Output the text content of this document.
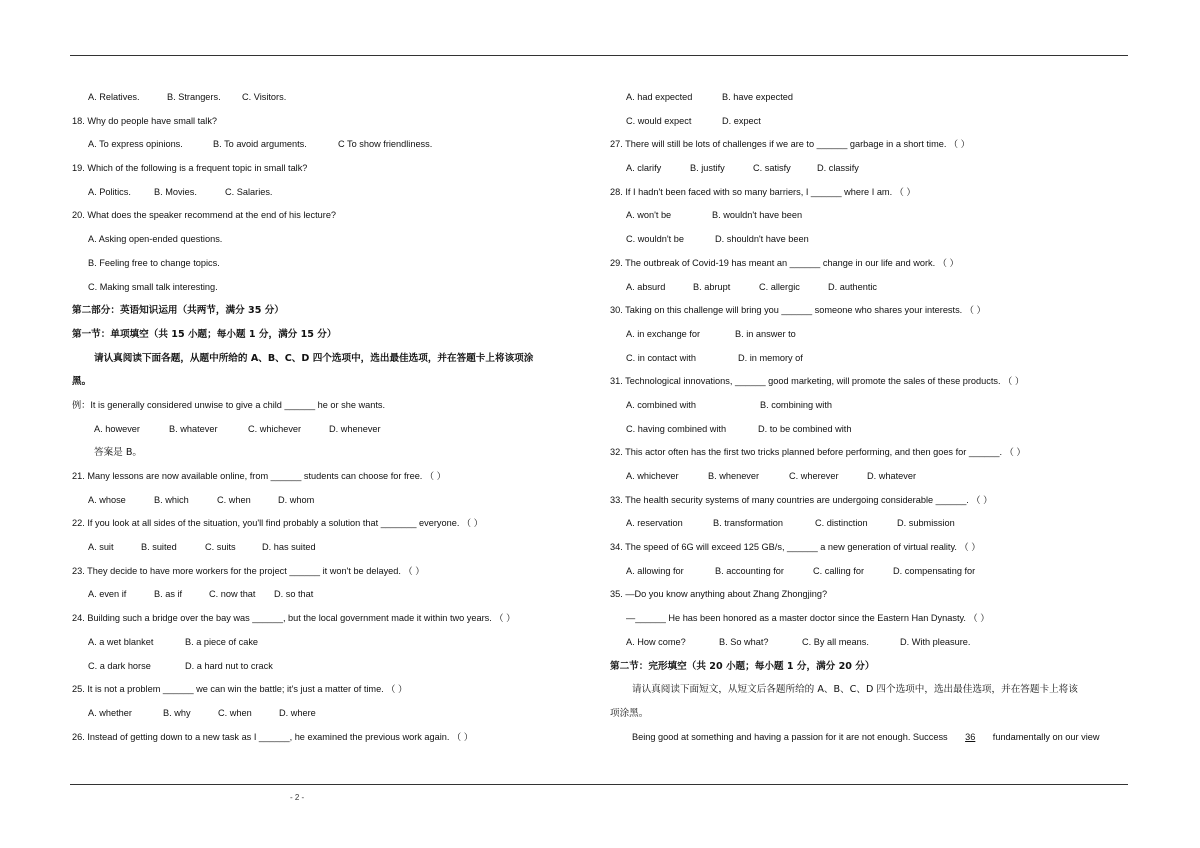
A. Relatives.	B. Strangers. C. Visitors.
18. Why do people have small talk?
A. To express opinions.	B. To avoid arguments.	C To show friendliness.
19. Which of the following is a frequent topic in small talk?
A. Politics.	B. Movies.	C. Salaries.
20. What does the speaker recommend at the end of his lecture?
A. Asking open-ended questions.
B. Feeling free to change topics.
C. Making small talk interesting.
第二部分：英语知识运用（共两节，满分 35 分）
第一节：单项填空（共 15 小题；每小题 1 分，满分 15 分）
请认真阅读下面各题，从题中所给的 A、B、C、D 四个选项中，选出最佳选项，并在答题卡上将该项涂
黑。
例：It is generally considered unwise to give a child ______ he or she wants.
A. however	B. whatever	C. whichever	D. whenever
答案是 B。
21. Many lessons are now available online, from ______ students can choose for free. （ ）
A. whose	B. which	C. when	D. whom
22. If you look at all sides of the situation, you'll find probably a solution that _______ everyone. （ ）
A. suit	B. suited	C. suits	D. has suited
23. They decide to have more workers for the project ______ it won't be delayed. （ ）
A. even if	B. as if	C. now that D. so that
24. Building such a bridge over the bay was ______, but the local government made it within two years. （ ）
A. a wet blanket	B. a piece of cake
C. a dark horse	D. a hard nut to crack
25. It is not a problem ______ we can win the battle; it's just a matter of time. （ ）
A. whether	B. why	C. when	D. where
26. Instead of getting down to a new task as I ______, he examined the previous work again. （ ）
A. had expected	B. have expected
C. would expect	D. expect
27. There will still be lots of challenges if we are to ______ garbage in a short time. （ ）
A. clarify	B. justify	C. satisfy	D. classify
28. If I hadn't been faced with so many barriers, I ______ where I am. （ ）
A. won't be	B. wouldn't have been
C. wouldn't be	D. shouldn't have been
29. The outbreak of Covid-19 has meant an ______ change in our life and work. （ ）
A. absurd	B. abrupt	C. allergic	D. authentic
30. Taking on this challenge will bring you ______ someone who shares your interests. （ ）
A. in exchange for	B. in answer to
C. in contact with	D. in memory of
31. Technological innovations, ______ good marketing, will promote the sales of these products. （ ）
A. combined with	B. combining with
C. having combined with	D. to be combined with
32. This actor often has the first two tricks planned before performing, and then goes for ______. （ ）
A. whichever	B. whenever	C. wherever	D. whatever
33. The health security systems of many countries are undergoing considerable ______. （ ）
A. reservation	B. transformation	C. distinction	D. submission
34. The speed of 6G will exceed 125 GB/s, ______ a new generation of virtual reality. （ ）
A. allowing for	B. accounting for	C. calling for	D. compensating for
35. —Do you know anything about Zhang Zhongjing?
—______ He has been honored as a master doctor since the Eastern Han Dynasty. （ ）
A. How come?	B. So what?	C. By all means.	D. With pleasure.
第二节：完形填空（共 20 小题；每小题 1 分，满分 20 分）
请认真阅读下面短文，从短文后各题所给的 A、B、C、D 四个选项中，选出最佳选项，并在答题卡上将该
项涂黑。
Being good at something and having a passion for it are not enough. Success 36 fundamentally on our view
- 2 -
